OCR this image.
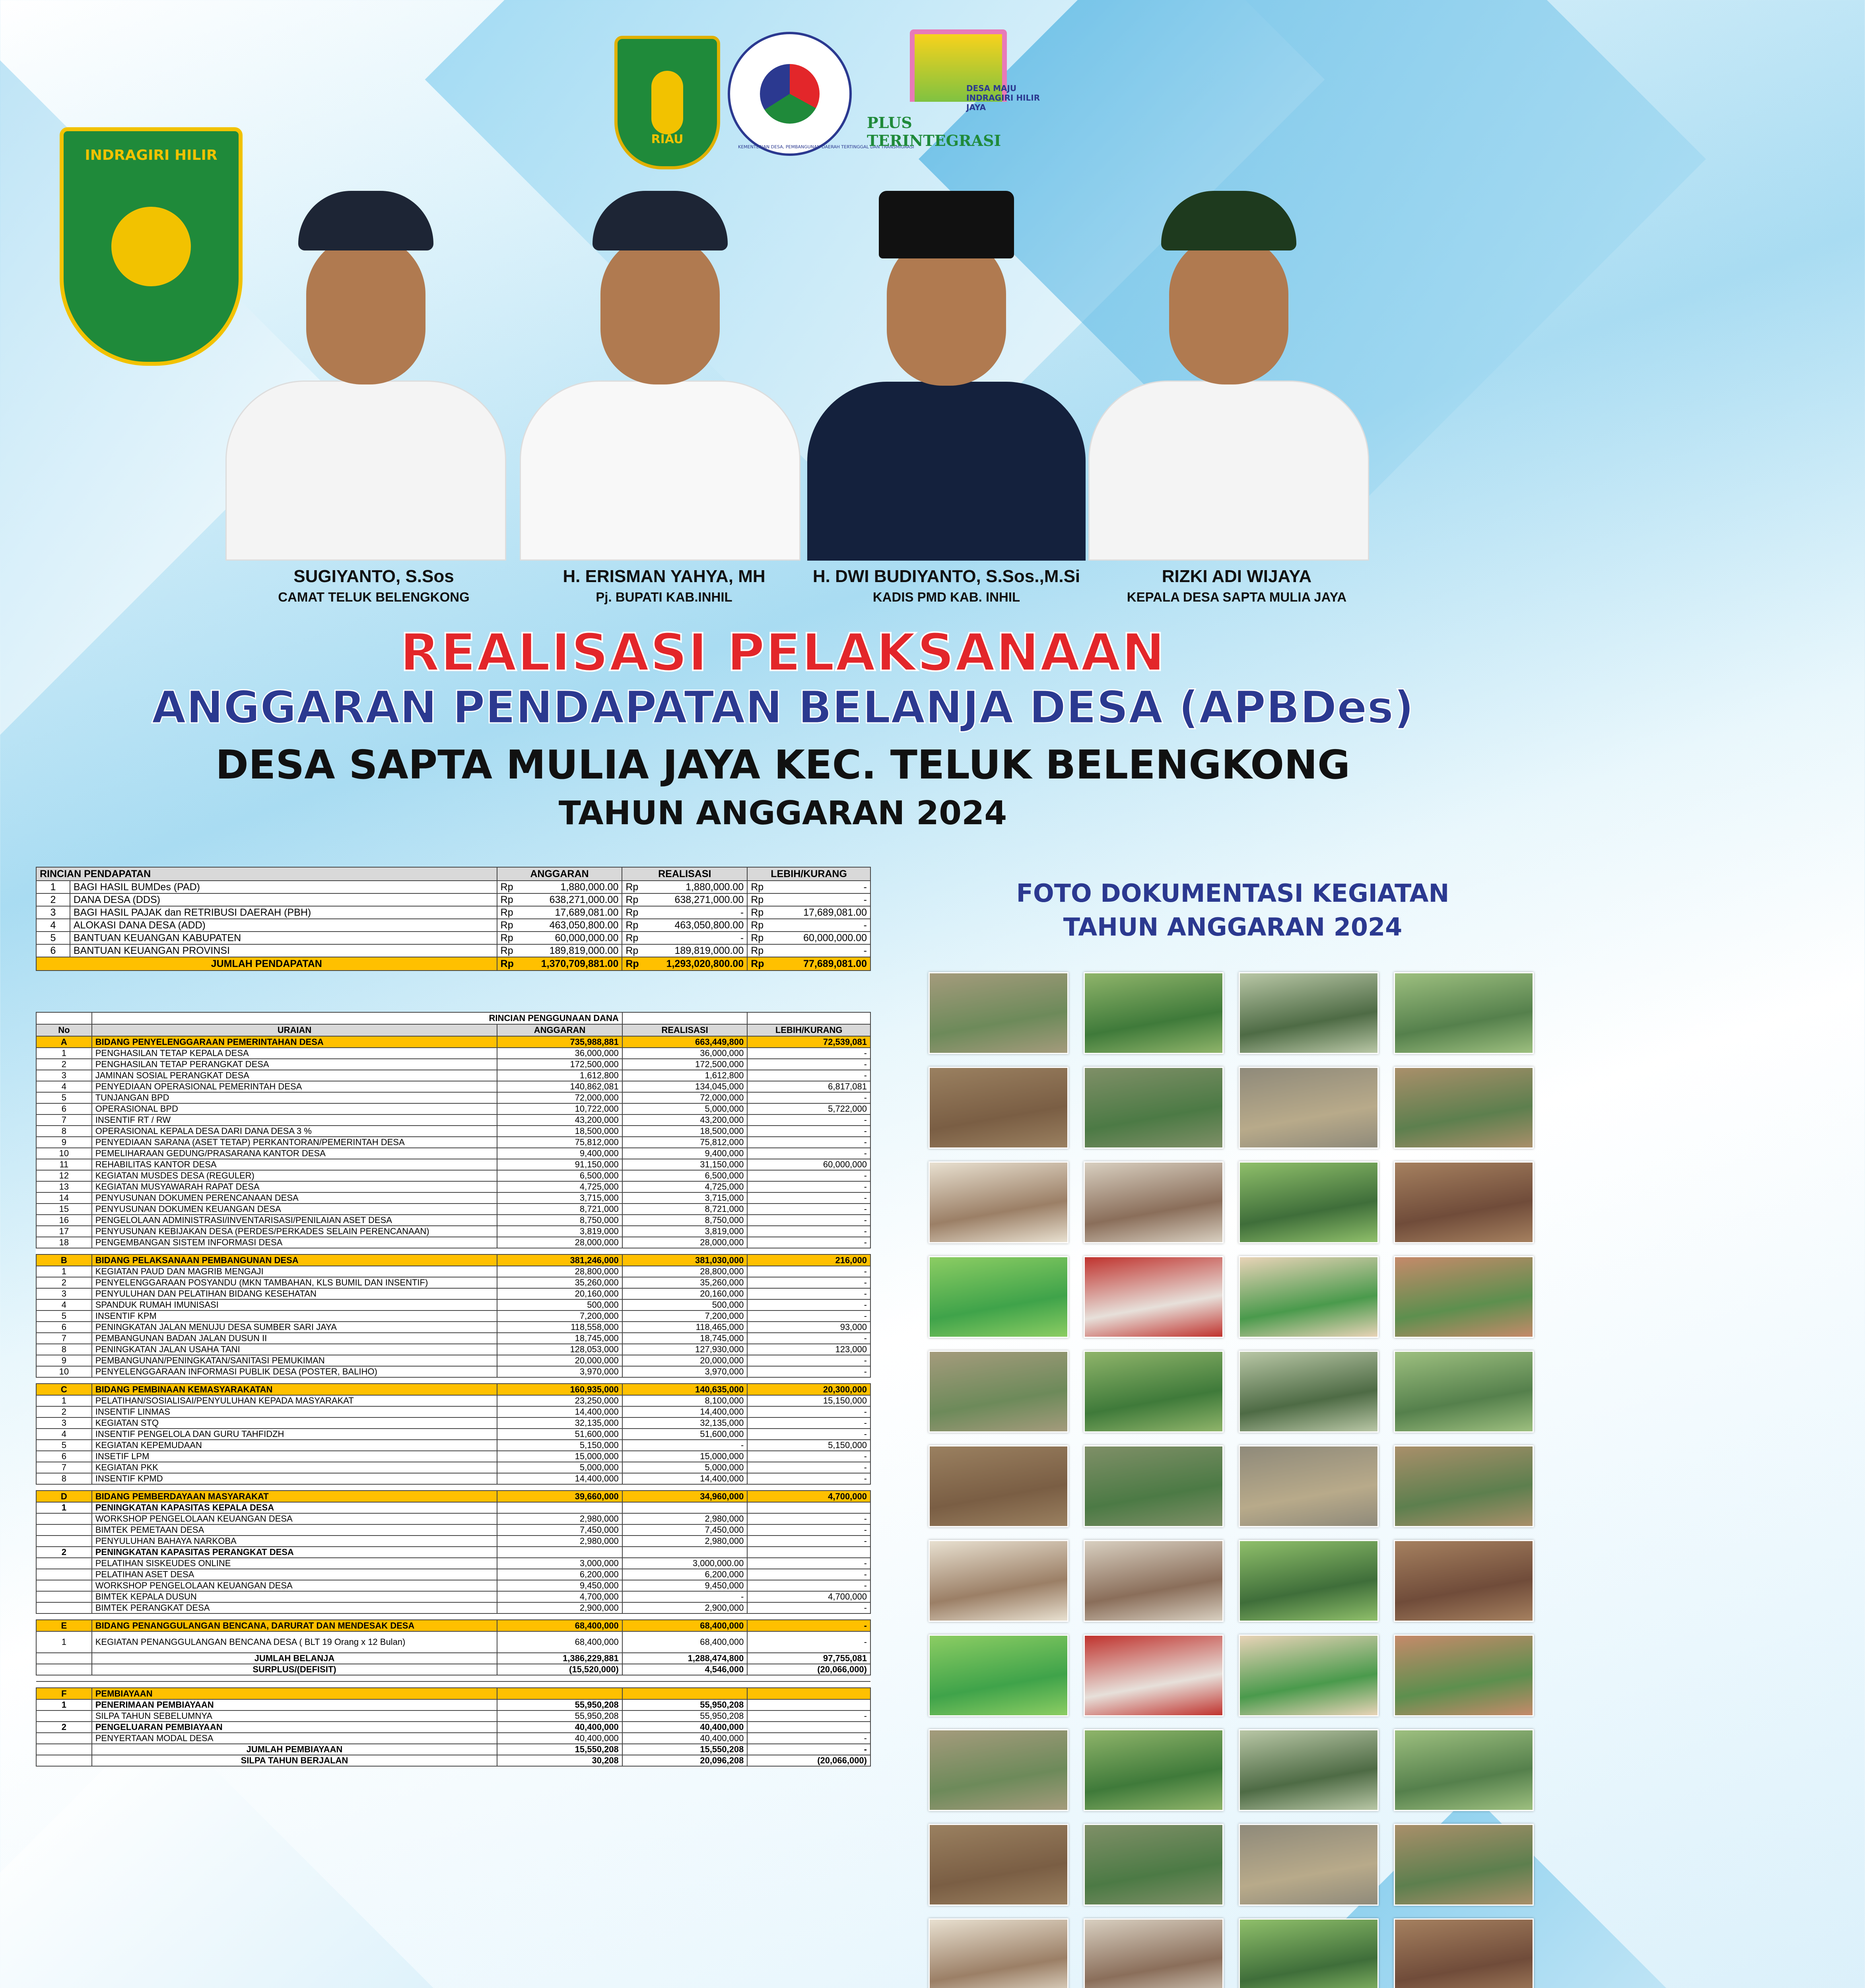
INDRAGIRI HILIR
RIAU
KEMENTERIAN DESA, PEMBANGUNAN DAERAH TERTINGGAL DAN TRANSMIGRASI
DESA MAJU INDRAGIRI HILIR JAYA
PLUS TERINTEGRASI
SUGIYANTO, S.Sos
CAMAT TELUK BELENGKONG
H. ERISMAN YAHYA, MH
Pj. BUPATI KAB.INHIL
H. DWI BUDIYANTO, S.Sos.,M.Si
KADIS PMD KAB. INHIL
RIZKI ADI WIJAYA
KEPALA DESA SAPTA MULIA JAYA
REALISASI PELAKSANAAN
ANGGARAN PENDAPATAN BELANJA DESA (APBDes)
DESA SAPTA MULIA JAYA KEC. TELUK BELENGKONG
TAHUN ANGGARAN 2024
RINCIAN PENDAPATAN		ANGGARAN		REALISASI		LEBIH/KURANG	
1	BAGI HASIL BUMDes (PAD)	Rp	1,880,000.00	Rp	1,880,000.00	Rp	-
2	DANA DESA (DDS)	Rp	638,271,000.00	Rp	638,271,000.00	Rp	-
3	BAGI HASIL PAJAK dan RETRIBUSI DAERAH (PBH)	Rp	17,689,081.00	Rp	-	Rp	17,689,081.00
4	ALOKASI DANA DESA (ADD)	Rp	463,050,800.00	Rp	463,050,800.00	Rp	-
5	BANTUAN KEUANGAN KABUPATEN	Rp	60,000,000.00	Rp	-	Rp	60,000,000.00
6	BANTUAN KEUANGAN PROVINSI	Rp	189,819,000.00	Rp	189,819,000.00	Rp	-
JUMLAH PENDAPATAN		Rp	1,370,709,881.00	Rp	1,293,020,800.00	Rp	77,689,081.00
	RINCIAN PENGGUNAAN DANA			
No	URAIAN	ANGGARAN	REALISASI	LEBIH/KURANG
A	BIDANG PENYELENGGARAAN PEMERINTAHAN DESA	735,988,881	663,449,800	72,539,081
1	PENGHASILAN TETAP KEPALA DESA	36,000,000	36,000,000	-
2	PENGHASILAN TETAP PERANGKAT DESA	172,500,000	172,500,000	-
3	JAMINAN SOSIAL PERANGKAT DESA	1,612,800	1,612,800	-
4	PENYEDIAAN OPERASIONAL PEMERINTAH DESA	140,862,081	134,045,000	6,817,081
5	TUNJANGAN BPD	72,000,000	72,000,000	-
6	OPERASIONAL BPD	10,722,000	5,000,000	5,722,000
7	INSENTIF RT / RW	43,200,000	43,200,000	-
8	OPERASIONAL KEPALA DESA DARI DANA DESA 3 %	18,500,000	18,500,000	-
9	PENYEDIAAN SARANA (ASET TETAP) PERKANTORAN/PEMERINTAH DESA	75,812,000	75,812,000	-
10	PEMELIHARAAN GEDUNG/PRASARANA KANTOR DESA	9,400,000	9,400,000	-
11	REHABILITAS KANTOR DESA	91,150,000	31,150,000	60,000,000
12	KEGIATAN MUSDES DESA (REGULER)	6,500,000	6,500,000	-
13	KEGIATAN MUSYAWARAH RAPAT DESA	4,725,000	4,725,000	-
14	PENYUSUNAN DOKUMEN PERENCANAAN DESA	3,715,000	3,715,000	-
15	PENYUSUNAN DOKUMEN KEUANGAN DESA	8,721,000	8,721,000	-
16	PENGELOLAAN ADMINISTRASI/INVENTARISASI/PENILAIAN ASET DESA	8,750,000	8,750,000	-
17	PENYUSUNAN KEBIJAKAN DESA (PERDES/PERKADES SELAIN PERENCANAAN)	3,819,000	3,819,000	-
18	PENGEMBANGAN SISTEM INFORMASI DESA	28,000,000	28,000,000	-

B	BIDANG PELAKSANAAN PEMBANGUNAN DESA	381,246,000	381,030,000	216,000
1	KEGIATAN PAUD DAN MAGRIB MENGAJI	28,800,000	28,800,000	-
2	PENYELENGGARAAN POSYANDU (MKN TAMBAHAN, KLS BUMIL DAN INSENTIF)	35,260,000	35,260,000	-
3	PENYULUHAN DAN PELATIHAN BIDANG KESEHATAN	20,160,000	20,160,000	-
4	SPANDUK RUMAH IMUNISASI	500,000	500,000	-
5	INSENTIF KPM	7,200,000	7,200,000	-
6	PENINGKATAN JALAN MENUJU DESA SUMBER SARI JAYA	118,558,000	118,465,000	93,000
7	PEMBANGUNAN BADAN JALAN DUSUN II	18,745,000	18,745,000	-
8	PENINGKATAN JALAN USAHA TANI	128,053,000	127,930,000	123,000
9	PEMBANGUNAN/PENINGKATAN/SANITASI PEMUKIMAN	20,000,000	20,000,000	-
10	PENYELENGGARAAN INFORMASI PUBLIK DESA (POSTER, BALIHO)	3,970,000	3,970,000	-

C	BIDANG PEMBINAAN KEMASYARAKATAN	160,935,000	140,635,000	20,300,000
1	PELATIHAN/SOSIALISAI/PENYULUHAN KEPADA MASYARAKAT	23,250,000	8,100,000	15,150,000
2	INSENTIF LINMAS	14,400,000	14,400,000	-
3	KEGIATAN STQ	32,135,000	32,135,000	-
4	INSENTIF PENGELOLA DAN GURU TAHFIDZH	51,600,000	51,600,000	-
5	KEGIATAN KEPEMUDAAN	5,150,000	-	5,150,000
6	INSETIF LPM	15,000,000	15,000,000	-
7	KEGIATAN PKK	5,000,000	5,000,000	-
8	INSENTIF KPMD	14,400,000	14,400,000	-

D	BIDANG PEMBERDAYAAN MASYARAKAT	39,660,000	34,960,000	4,700,000
1	PENINGKATAN KAPASITAS KEPALA DESA			
	WORKSHOP PENGELOLAAN KEUANGAN DESA	2,980,000	2,980,000	-
	BIMTEK PEMETAAN DESA	7,450,000	7,450,000	-
	PENYULUHAN BAHAYA NARKOBA	2,980,000	2,980,000	-
2	PENINGKATAN KAPASITAS PERANGKAT DESA			
	PELATIHAN SISKEUDES ONLINE	3,000,000	3,000,000.00	-
	PELATIHAN ASET DESA	6,200,000	6,200,000	-
	WORKSHOP PENGELOLAAN KEUANGAN DESA	9,450,000	9,450,000	-
	BIMTEK KEPALA DUSUN	4,700,000	-	4,700,000
	BIMTEK PERANGKAT DESA	2,900,000	2,900,000	-

E	BIDANG PENANGGULANGAN BENCANA, DARURAT DAN MENDESAK DESA	68,400,000	68,400,000	-
1	KEGIATAN PENANGGULANGAN BENCANA DESA ( BLT 19 Orang x 12 Bulan)	68,400,000	68,400,000	-
	JUMLAH BELANJA	1,386,229,881	1,288,474,800	97,755,081
	SURPLUS/(DEFISIT)	(15,520,000)	4,546,000	(20,066,000)

F	PEMBIAYAAN			
1	PENERIMAAN PEMBIAYAAN	55,950,208	55,950,208	
	SILPA TAHUN SEBELUMNYA	55,950,208	55,950,208	-
2	PENGELUARAN PEMBIAYAAN	40,400,000	40,400,000	
	PENYERTAAN MODAL DESA	40,400,000	40,400,000	-
	JUMLAH PEMBIAYAAN	15,550,208	15,550,208	-
	SILPA TAHUN BERJALAN	30,208	20,096,208	(20,066,000)
FOTO DOKUMENTASI KEGIATAN
TAHUN ANGGARAN 2024
